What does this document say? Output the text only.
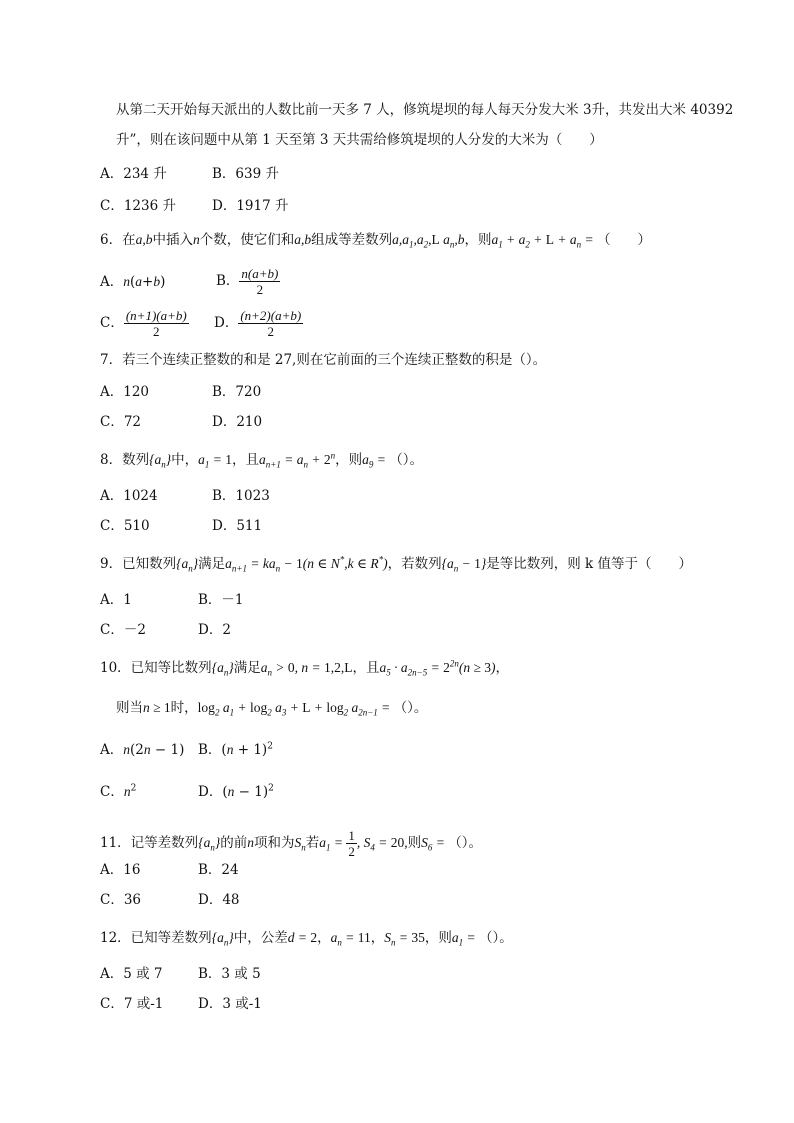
从第二天开始每天派出的人数比前一天多 7 人，修筑堤坝的每人每天分发大米 3升，共发出大米 40392
升”，则在该问题中从第 1 天至第 3 天共需给修筑堤坝的人分发的大米为（　　）
A．234 升	B．639 升
C．1236 升	D．1917 升
6．在a,b中插入n个数，使它们和a,b组成等差数列$a,a_1,a_2,L$ $a_n,b$，则$a_1 + a_2 + L + a_n$ = （　　）
A．n(a+b)	B． $\frac{n(a+b)}{2}$
C． $\frac{(n+1)(a+b)}{2}$ D． $\frac{(n+2)(a+b)}{2}$
7．若三个连续正整数的和是 27,则在它前面的三个连续正整数的积是（）。
A．120	B．720
C．72	D．210
8．数列$\{a_n\}$中，$a_1 = 1$，且$a_{n+1} = a_n + 2^n$，则$a_9$ = （）。
A．1024	B．1023
C．510	D．511
9．已知数列$\{a_n\}$满足$a_{n+1} = ka_n - 1(n$ ∈ N*,k ∈ R*)，若数列$\{a_n - 1\}$是等比数列，则 k 值等于（　　）
A．1	B．－1
C．－2	D．2
10．已知等比数列$\{a_n\}$满足$a_n > 0$, n = 1,2,L，且$a_5 \cdot a_{2n-5} = 2^{2n}(n \ge 3)$，
则当n ≥ 1时，$\log_2 a_1 + \log_2 a_3 + L + \log_2 a_{2n-1}$ = （）。
A．n(2n − 1) B．$(n + 1)^2$
C．$n^2$	D．$(n - 1)^2$
11．记等差数列$\{a_n\}$的前n项和为$S_n$若$a_1 = \frac{1}{2}$ , $S_4 = 20$,则$S_6$ = （）。
A．16	B．24
C．36	D．48
12．已知等差数列$\{a_n\}$中，公差d = 2，$a_n = 11$，$S_n = 35$，则$a_1$ = （）。
A．5 或 7	B．3 或 5
C．7 或-1	D．3 或-1
